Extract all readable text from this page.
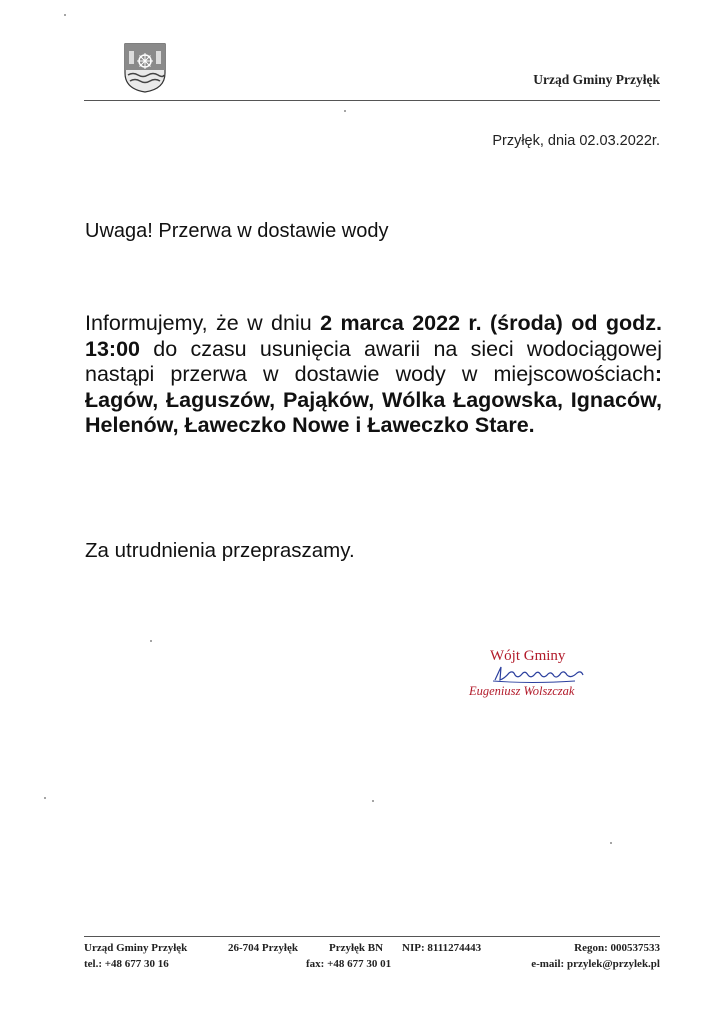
Urząd Gminy Przyłęk
Przyłęk, dnia 02.03.2022r.
Uwaga! Przerwa w dostawie wody
Informujemy, że w dniu 2 marca 2022 r. (środa) od godz. 13:00 do czasu usunięcia awarii na sieci wodociągowej nastąpi przerwa w dostawie wody w miejscowościach: Łagów, Łaguszów, Pająków, Wólka Łagowska, Ignaców, Helenów, Ławeczko Nowe i Ławeczko Stare.
Za utrudnienia przepraszamy.
Wójt Gminy
Eugeniusz Wolszczak
Urząd Gminy Przyłęk	26-704 Przyłęk	Przyłęk BN NIP: 8111274443	Regon: 000537533
tel.: +48 677 30 16	fax: +48 677 30 01	e-mail: przylek@przylek.pl
